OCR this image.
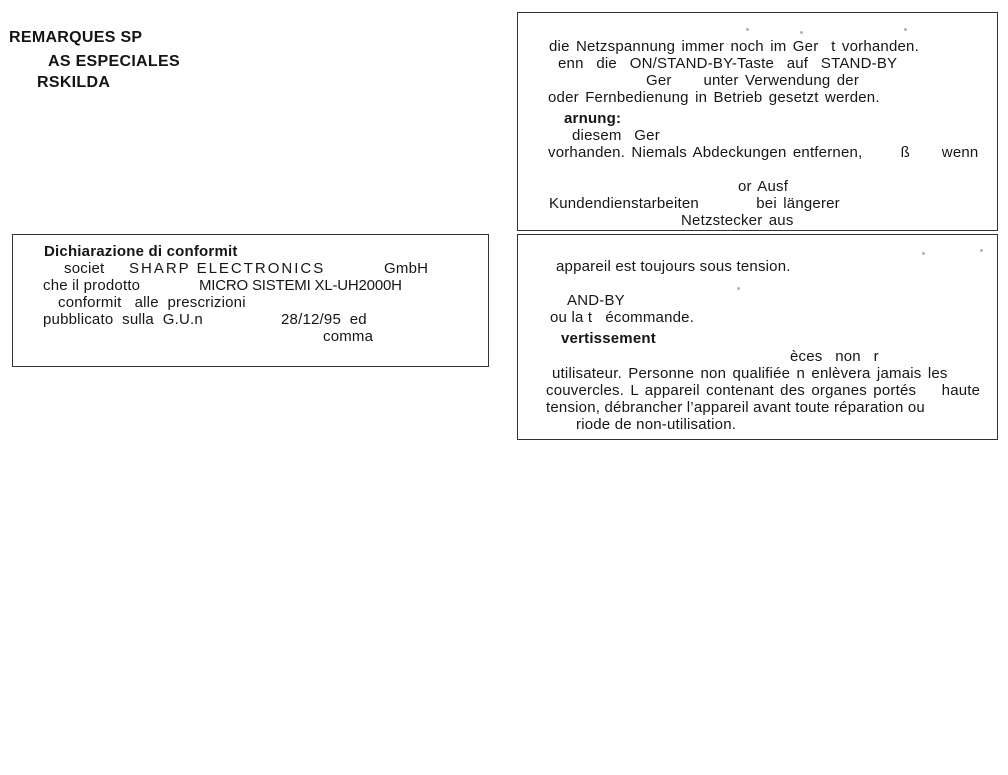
REMARQUES SP
AS ESPECIALES
RSKILDA
Dichiarazione di conformit
societ SHARP ELECTRONICS	GmbH
che il prodotto	MICRO SISTEMI XL-UH2000H
conformit   alle  prescrizioni
pubblicato  sulla  G.U.n	28/12/95  ed
comma
die Netzspannung immer noch im Ger  t vorhanden.
enn  die  ON/STAND-BY-Taste  auf  STAND-BY
Ger     unter Verwendung der
oder Fernbedienung in Betrieb gesetzt werden.
arnung:
diesem  Ger
vorhanden. Niemals Abdeckungen entfernen,      ß     wenn
or Ausf
Kundendienstarbeiten         bei längerer
Netzstecker aus
appareil est toujours sous tension.
AND-BY
ou la t   écommande.
vertissement
èces  non  r
utilisateur. Personne non qualifiée n enlèvera jamais les
couvercles. L appareil contenant des organes portés    haute
tension, débrancher l’appareil avant toute réparation ou
riode de non-utilisation.
